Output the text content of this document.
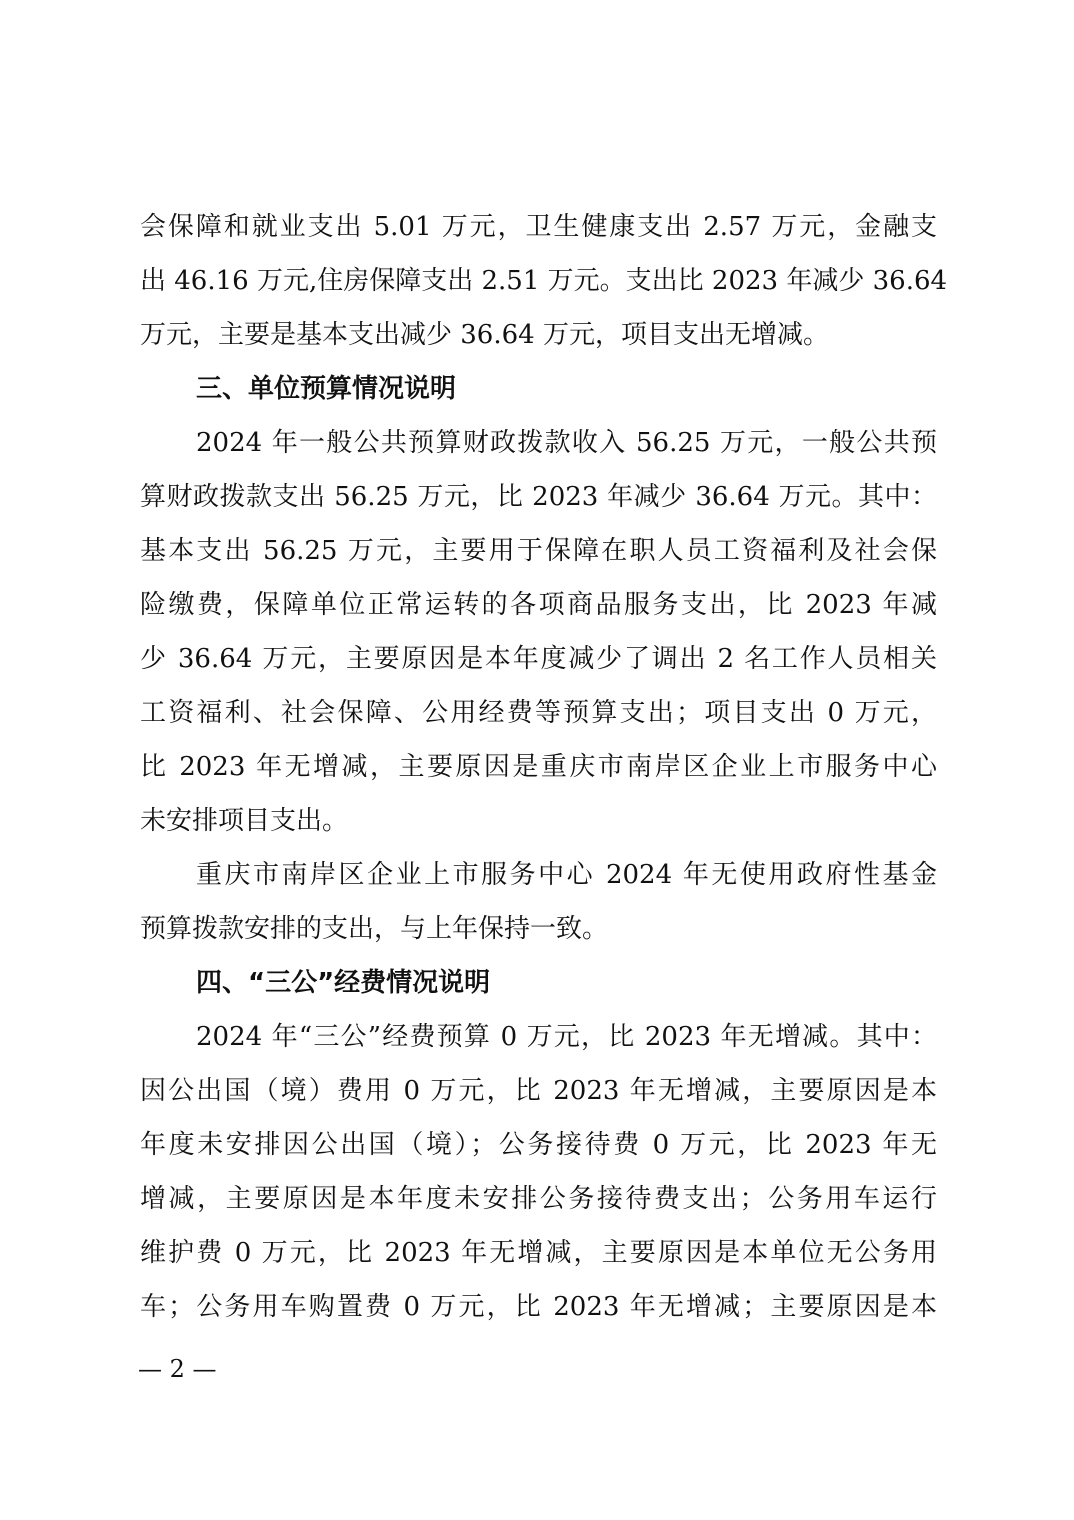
会保障和就业支出 5.01 万元，卫生健康支出 2.57 万元，金融支
出 46.16 万元,住房保障支出 2.51 万元。支出比 2023 年减少 36.64
万元，主要是基本支出减少 36.64 万元，项目支出无增减。
三、单位预算情况说明
2024 年一般公共预算财政拨款收入 56.25 万元，一般公共预
算财政拨款支出 56.25 万元，比 2023 年减少 36.64 万元。其中：
基本支出 56.25 万元，主要用于保障在职人员工资福利及社会保
险缴费，保障单位正常运转的各项商品服务支出，比 2023 年减
少 36.64 万元，主要原因是本年度减少了调出 2 名工作人员相关
工资福利、社会保障、公用经费等预算支出；项目支出 0 万元，
比 2023 年无增减，主要原因是重庆市南岸区企业上市服务中心
未安排项目支出。
重庆市南岸区企业上市服务中心 2024 年无使用政府性基金
预算拨款安排的支出，与上年保持一致。
四、“三公”经费情况说明
2024 年“三公”经费预算 0 万元，比 2023 年无增减。其中：
因公出国（境）费用 0 万元，比 2023 年无增减，主要原因是本
年度未安排因公出国（境）；公务接待费 0 万元，比 2023 年无
增减，主要原因是本年度未安排公务接待费支出；公务用车运行
维护费 0 万元，比 2023 年无增减，主要原因是本单位无公务用
车；公务用车购置费 0 万元，比 2023 年无增减；主要原因是本
— 2 —
